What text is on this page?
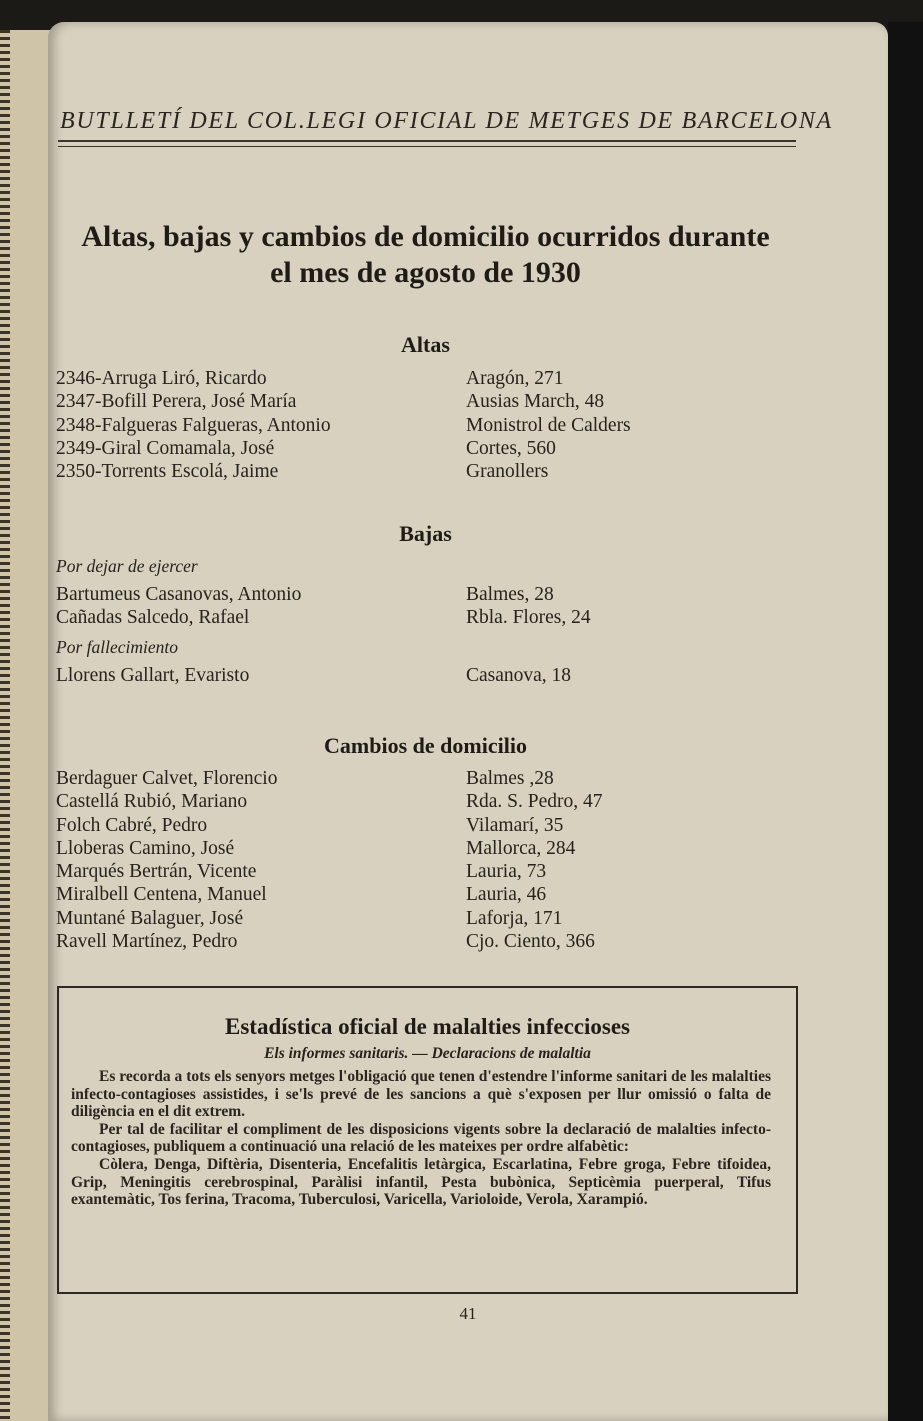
BUTLLETÍ DEL COL.LEGI OFICIAL DE METGES DE BARCELONA
Altas, bajas y cambios de domicilio ocurridos durante
el mes de agosto de 1930
Altas
2346-Arruga Liró, Ricardo	Aragón, 271
2347-Bofill Perera, José María	Ausias March, 48
2348-Falgueras Falgueras, Antonio	Monistrol de Calders
2349-Giral Comamala, José	Cortes, 560
2350-Torrents Escolá, Jaime	Granollers
Bajas
Por dejar de ejercer
Bartumeus Casanovas, Antonio	Balmes, 28
Cañadas Salcedo, Rafael	Rbla. Flores, 24
Por fallecimiento
Llorens Gallart, Evaristo	Casanova, 18
Cambios de domicilio
Berdaguer Calvet, Florencio	Balmes ,28
Castellá Rubió, Mariano	Rda. S. Pedro, 47
Folch Cabré, Pedro	Vilamarí, 35
Lloberas Camino, José	Mallorca, 284
Marqués Bertrán, Vicente	Lauria, 73
Miralbell Centena, Manuel	Lauria, 46
Muntané Balaguer, José	Laforja, 171
Ravell Martínez, Pedro	Cjo. Ciento, 366
Estadística oficial de malalties infeccioses
Els informes sanitaris. — Declaracions de malaltia

Es recorda a tots els senyors metges l'obligació que tenen d'estendre l'informe sanitari de les malalties infecto-contagioses assistides, i se'ls prevé de les sancions a què s'exposen per llur omissió o falta de diligència en el dit extrem.

Per tal de facilitar el compliment de les disposicions vigents sobre la declaració de malalties infecto-contagioses, publiquem a continuació una relació de les mateixes per ordre alfabètic:

Còlera, Denga, Diftèria, Disenteria, Encefalitis letàrgica, Escarlatina, Febre groga, Febre tifoidea, Grip, Meningitis cerebrospinal, Paràlisi infantil, Pesta bubònica, Septicèmia puerperal, Tifus exantemàtic, Tos ferina, Tracoma, Tuberculosi, Varicella, Varioloide, Verola, Xarampió.

41
